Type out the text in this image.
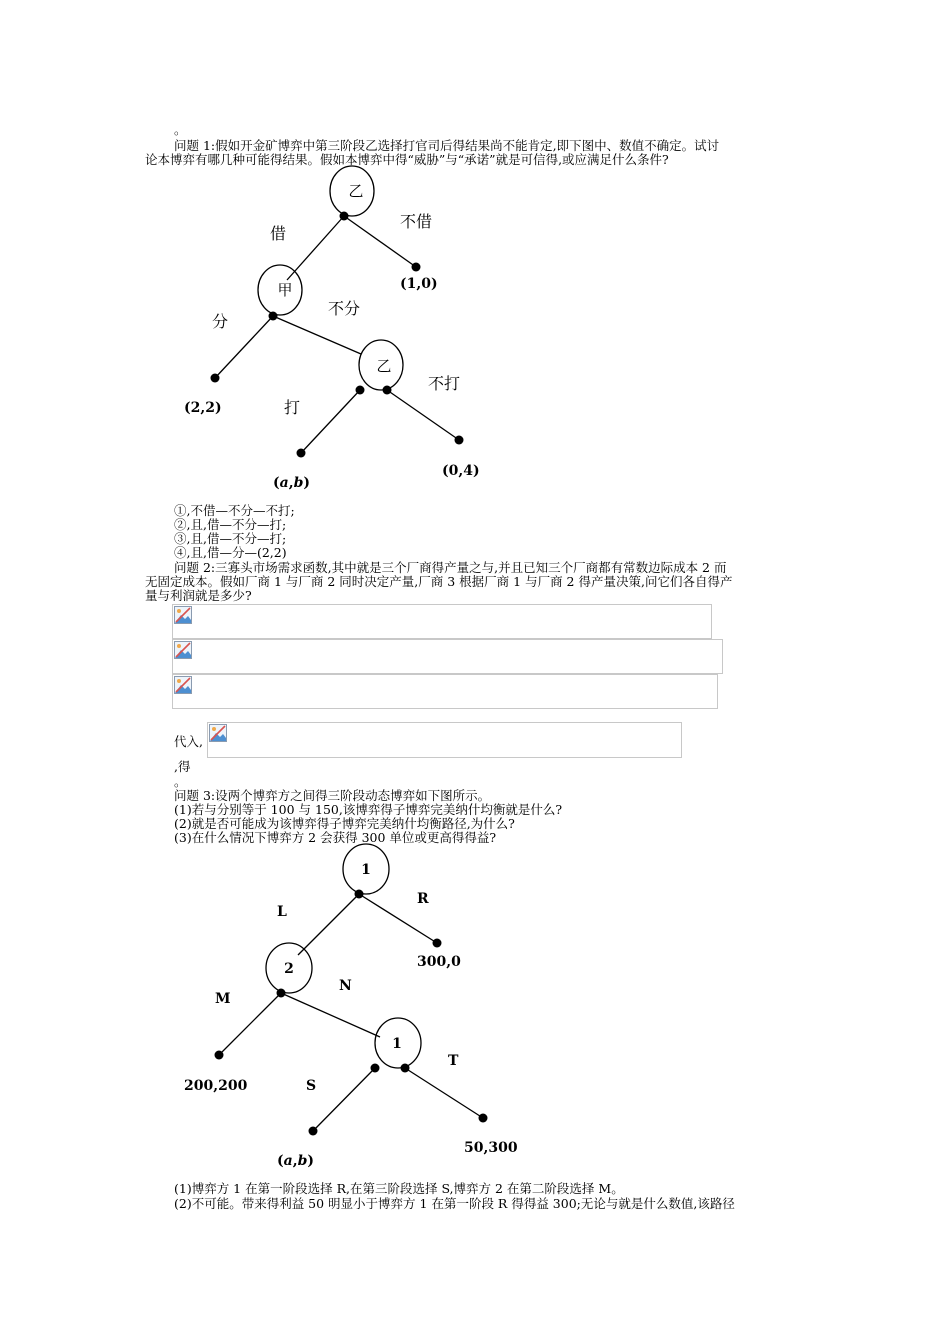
。
问题 1:假如开金矿博弈中第三阶段乙选择打官司后得结果尚不能肯定,即下图中、数值不确定。试讨
论本博弈有哪几种可能得结果。假如本博弈中得“威胁”与“承诺”就是可信得,或应满足什么条件?
乙
甲
乙
借
不借
分
不分
打
不打
(1,0)
(2,2)
(0,4)
(a,b)
①,不借—不分—不打;
②,且,借—不分—打;
③,且,借—不分—打;
④,且,借—分—(2,2)
问题 2:三寡头市场需求函数,其中就是三个厂商得产量之与,并且已知三个厂商都有常数边际成本 2 而
无固定成本。假如厂商 1 与厂商 2 同时决定产量,厂商 3 根据厂商 1 与厂商 2 得产量决策,问它们各自得产
量与利润就是多少?
代入,
,得
。
问题 3:设两个博弈方之间得三阶段动态博弈如下图所示。
(1)若与分别等于 100 与 150,该博弈得子博弈完美纳什均衡就是什么?
(2)就是否可能成为该博弈得子博弈完美纳什均衡路径,为什么?
(3)在什么情况下博弈方 2 会获得 300 单位或更高得得益?
1
2
1
L
R
M
N
S
T
300,0
200,200
50,300
(a,b)
(1)博弈方 1 在第一阶段选择 R,在第三阶段选择 S,博弈方 2 在第二阶段选择 M。
(2)不可能。带来得利益 50 明显小于博弈方 1 在第一阶段 R 得得益 300;无论与就是什么数值,该路径
